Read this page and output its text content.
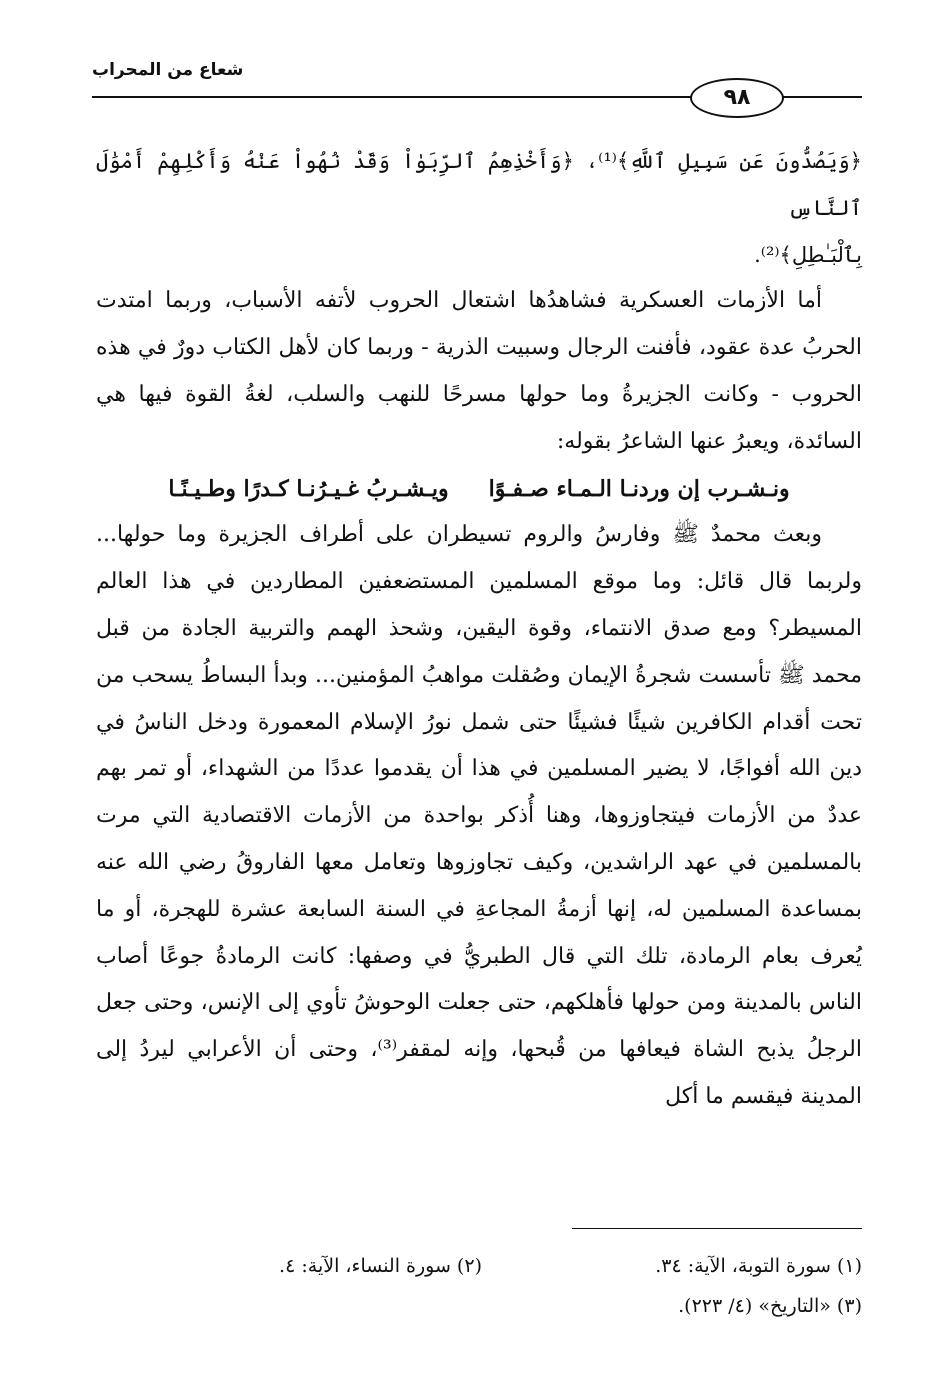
شعاع من المحراب
٩٨

﴿وَيَصُدُّونَ عَن سَبِيلِ ٱللَّهِ﴾⁽¹⁾، ﴿وَأَخْذِهِمُ ٱلرِّبَوٰاْ وَقَدْ نُهُواْ عَنْهُ وَأَكْلِهِمْ أَمْوَٰلَ ٱلنَّاسِ

بِٱلْبَـٰطِلِ﴾⁽²⁾.

أما الأزمات العسكرية فشاهدُها اشتعال الحروب لأتفه الأسباب، وربما امتدت الحربُ عدة عقود، فأفنت الرجال وسبيت الذرية - وربما كان لأهل الكتاب دورٌ في هذه الحروب - وكانت الجزيرةُ وما حولها مسرحًا للنهب والسلب، لغةُ القوة فيها هي السائدة، ويعبرُ عنها الشاعرُ بقوله:

ونـشـرب إن وردنـا الـمـاء صـفـوًا
ويـشـربُ غـيـرُنـا كـدرًا وطـيـنًـا

وبعث محمدٌ ﷺ وفارسُ والروم تسيطران على أطراف الجزيرة وما حولها... ولربما قال قائل: وما موقع المسلمين المستضعفين المطاردين في هذا العالم المسيطر؟ ومع صدق الانتماء، وقوة اليقين، وشحذ الهمم والتربية الجادة من قبل محمد ﷺ تأسست شجرةُ الإيمان وصُقلت مواهبُ المؤمنين... وبدأ البساطُ يسحب من تحت أقدام الكافرين شيئًا فشيئًا حتى شمل نورُ الإسلام المعمورة ودخل الناسُ في دين الله أفواجًا، لا يضير المسلمين في هذا أن يقدموا عددًا من الشهداء، أو تمر بهم عددٌ من الأزمات فيتجاوزوها، وهنا أُذكر بواحدة من الأزمات الاقتصادية التي مرت بالمسلمين في عهد الراشدين، وكيف تجاوزوها وتعامل معها الفاروقُ رضي الله عنه بمساعدة المسلمين له، إنها أزمةُ المجاعةِ في السنة السابعة عشرة للهجرة، أو ما يُعرف بعام الرمادة، تلك التي قال الطبريُّ في وصفها: كانت الرمادةُ جوعًا أصاب الناس بالمدينة ومن حولها فأهلكهم، حتى جعلت الوحوشُ تأوي إلى الإنس، وحتى جعل الرجلُ يذبح الشاة فيعافها من قُبحها، وإنه لمقفر⁽³⁾، وحتى أن الأعرابي ليردُ إلى المدينة فيقسم ما أكل

(١) سورة التوبة، الآية: ٣٤.
(٢) سورة النساء، الآية: ٤.
(٣) «التاريخ» (٤/ ٢٢٣).
